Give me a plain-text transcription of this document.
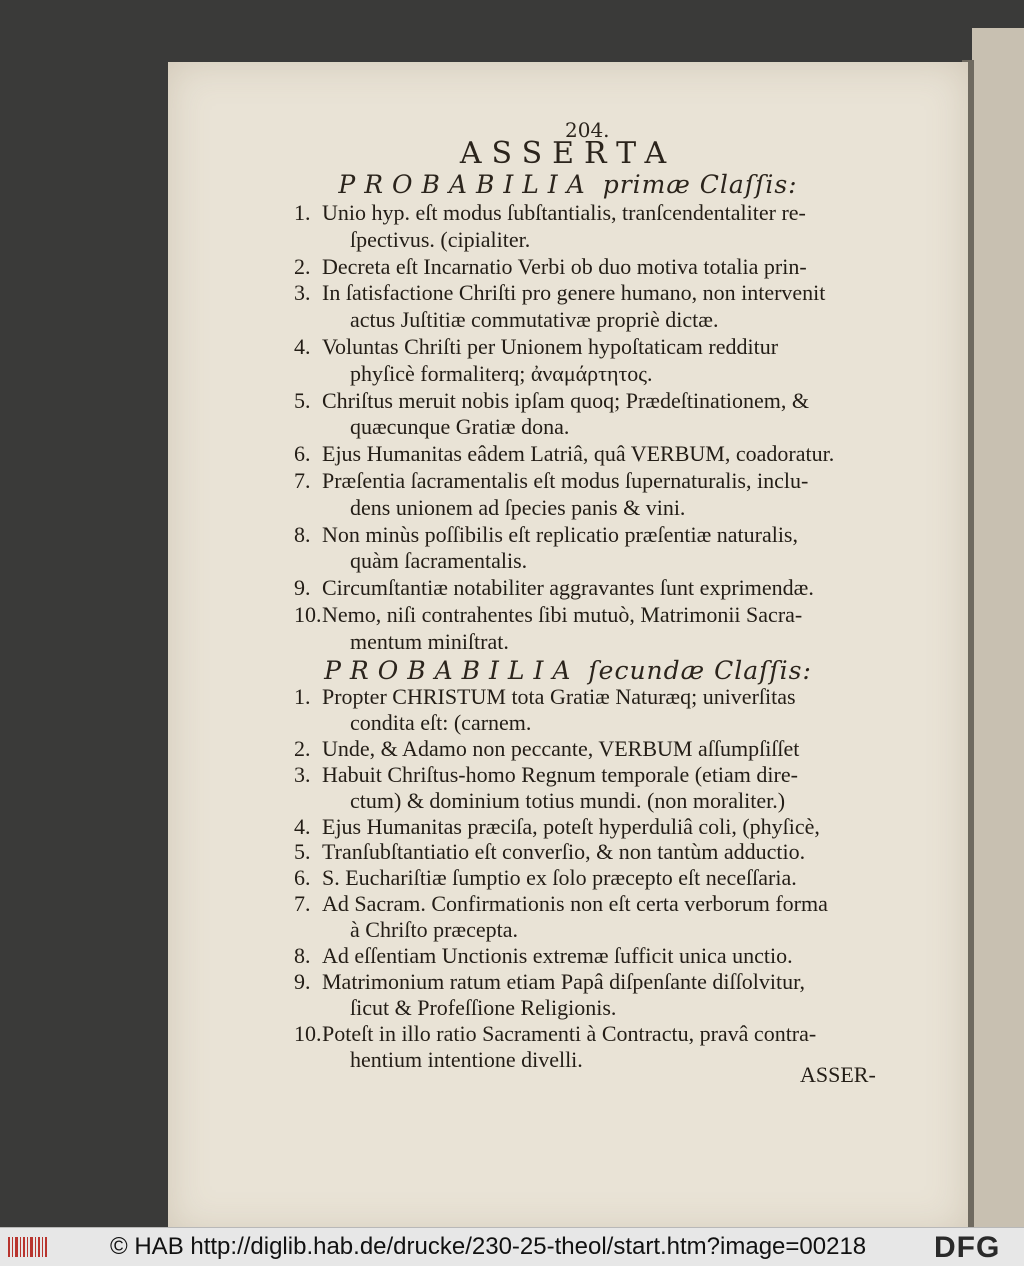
204.
ASSERTA
PROBABILIA primæ Claſſis:
1. Unio hyp. eſt modus ſubſtantialis, tranſcendentaliter re-
ſpectivus. (cipialiter.
2. Decreta eſt Incarnatio Verbi ob duo motiva totalia prin-
3. In ſatisfactione Chriſti pro genere humano, non intervenit
actus Juſtitiæ commutativæ propriè dictæ.
4. Voluntas Chriſti per Unionem hypoſtaticam redditur
phyſicè formaliterq; ἀναμάρτητος.
5. Chriſtus meruit nobis ipſam quoq; Prædeſtinationem, &
quæcunque Gratiæ dona.
6. Ejus Humanitas eâdem Latriâ, quâ VERBUM, coadoratur.
7. Præſentia ſacramentalis eſt modus ſupernaturalis, inclu-
dens unionem ad ſpecies panis & vini.
8. Non minùs poſſibilis eſt replicatio præſentiæ naturalis,
quàm ſacramentalis.
9. Circumſtantiæ notabiliter aggravantes ſunt exprimendæ.
10.Nemo, niſi contrahentes ſibi mutuò, Matrimonii Sacra-
mentum miniſtrat.
PROBABILIA ſecundæ Claſſis:
1. Propter CHRISTUM tota Gratiæ Naturæq; univerſitas
condita eſt: (carnem.
2. Unde, & Adamo non peccante, VERBUM aſſumpſiſſet
3. Habuit Chriſtus-homo Regnum temporale (etiam dire-
ctum) & dominium totius mundi. (non moraliter.)
4. Ejus Humanitas præciſa, poteſt hyperduliâ coli, (phyſicè,
5. Tranſubſtantiatio eſt converſio, & non tantùm adductio.
6. S. Euchariſtiæ ſumptio ex ſolo præcepto eſt neceſſaria.
7. Ad Sacram. Confirmationis non eſt certa verborum forma
à Chriſto præcepta.
8. Ad eſſentiam Unctionis extremæ ſufficit unica unctio.
9. Matrimonium ratum etiam Papâ diſpenſante diſſolvitur,
ſicut & Profeſſione Religionis.
10.Poteſt in illo ratio Sacramenti à Contractu, pravâ contra-
hentium intentione divelli.
ASSER-
© HAB http://diglib.hab.de/drucke/230-25-theol/start.htm?image=00218 DFG
